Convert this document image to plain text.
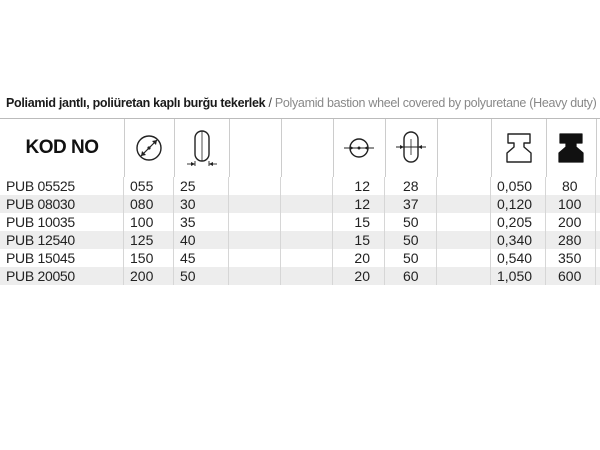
Poliamid jantlı, poliüretan kaplı burğu tekerlek / Polyamid bastion wheel covered by polyuretane (Heavy duty)
KOD NO
PUB 05525	055	25	12	28	0,050	80
PUB 08030	080	30	12	37	0,120	100
PUB 10035	100	35	15	50	0,205	200
PUB 12540	125	40	15	50	0,340	280
PUB 15045	150	45	20	50	0,540	350
PUB 20050	200	50	20	60	1,050	600
